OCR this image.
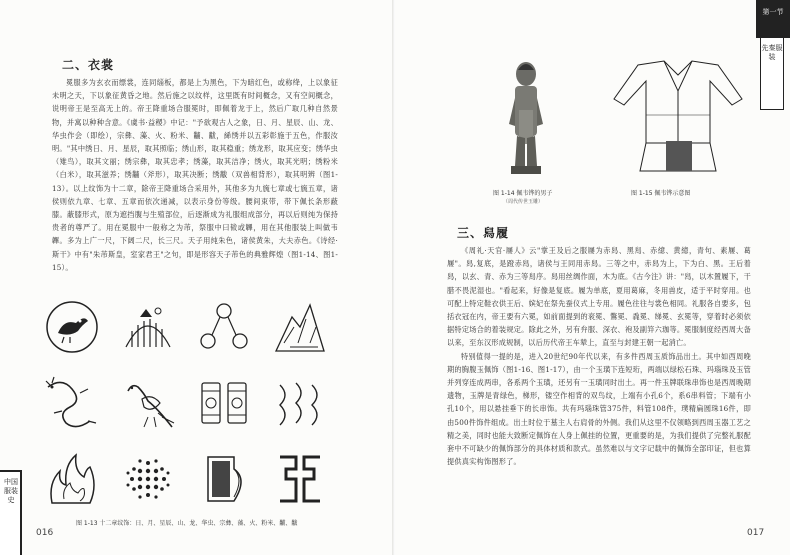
二、衣裳

冕服多为玄衣而缥裳，连同缁板，都是上为黑色，下为暗红色，或称绛，上以象征未明之天，下以象征黄昏之地。然后施之以纹样，这里既有时间概念，又有空间概念，说明帝王是至高无上的。帝王降重场合服冕时，即佩着龙于上，然后广取几种自然景物，并寓以种种含意。《虞书·益稷》中记："予欲观古人之象，日、月、星辰、山、龙、华虫作会（即绘），宗彝、藻、火、粉米、黼、黻，絺绣并以五彩彰施于五色，作服汝明。"其中绣日、月、星辰，取其照临；绣山形，取其稳重；绣龙形，取其应变；绣华虫（雉鸟），取其文丽；绣宗彝，取其忠孝；绣藻，取其洁净；绣火，取其光明；绣粉米（白米），取其滋养；绣黼（斧形），取其决断；绣黻（双兽相背形），取其明辨（图1-13）。以上纹饰为十二章，除帝王降重场合采用外，其他多为九旒七章或七旒五章，诸侯则依九章、七章、五章而依次递减，以表示身份等级。腰间束带，带下佩长条形蔽膝。蔽膝形式，原为遮挡腹与生殖部位，后逐渐成为礼服组成部分，再以后则纯为保持贵者的尊严了。用在冕服中一般称之为芾，祭服中曰韨或韠，用在其他服装上叫做韦韠。多为上广一尺，下阔二尺，长三尺。天子用纯朱色，诸侯黄朱，大夫赤色。《诗经·斯干》中有"朱芾斯皇，室家君王"之句，即是形容天子芾色的典雅辉煌（图1-14、图1-15）。

图 1-13 十二章纹饰：日、月、星辰、山、龙、华虫、宗彝、藻、火、粉米、黼、黻
016
中国服装史
第一节
先秦服装
图 1-14 佩韦铧的男子
（周代传世玉雕）
图 1-15 佩韦铧示意图
三、舄履

《周礼·天官·屦人》云"掌王及后之服屦为赤舄、黑舄、赤繶、黄繶，青句、素屦、葛屦"。舄,复底，是蹬赤舄，诸侯与王同用赤舄。三等之中，赤舄为上，下为白、黑。王后着舄，以玄、青、赤为三等舄序。舄用丝绸作面，木为底。《古今注》讲："舄，以木置履下，干腊不畏泥湿也。"看起来，好像是复底。履为单底，夏用葛麻，冬用兽皮，适于平时穿用。也可配上特定鞋衣供王后、嫔妃在祭先蚕仪式上专用。履色往往与裳色相同。礼服各自要多，包括衣冠在内，帝王要有六冕，如前面提到的衮冕、鷩冕、毳冕、绨冕、玄冕等，穿着时必须依据特定场合的着装规定。除此之外，另有弁服、深衣、袍及副笄六珈等。冕服制度经西周大备以来，至东汉形成规制，以后历代帝王车辇上，直至与封建王朝一起消亡。

特别值得一提的是，进入20世纪90年代以来，有多件西周玉质饰品出土。其中如西周晚期的胸腹玉佩饰（图1-16、图1-17），由一个玉璜下连短珩，两端以绿松石珠、玛瑙珠及玉管并列穿连成两串，各系两个玉璜，还另有一玉璜同时出土。再一件玉牌联珠串饰也是西周晚期遗物，玉牌是青绿色，梯形，镂空作相背的双鸟纹，上端有小孔6个，系6串料管；下端有小孔10个，用以悬挂垂下的长串饰。共有玛瑙珠管375件，料管108件，璞精扁圆珠16件，即由500件饰件组成。出土时位于墓主人右肩骨的外侧。我们从这里不仅领略到西周玉器工艺之精之美，同时也能大致断定佩饰在人身上佩挂的位置，更重要的是，为我们提供了完整礼服配套中不可缺少的佩饰部分的具体材质和款式。虽然难以与文字记载中的佩饰全部印证，但也算提供真实构饰图形了。

017
